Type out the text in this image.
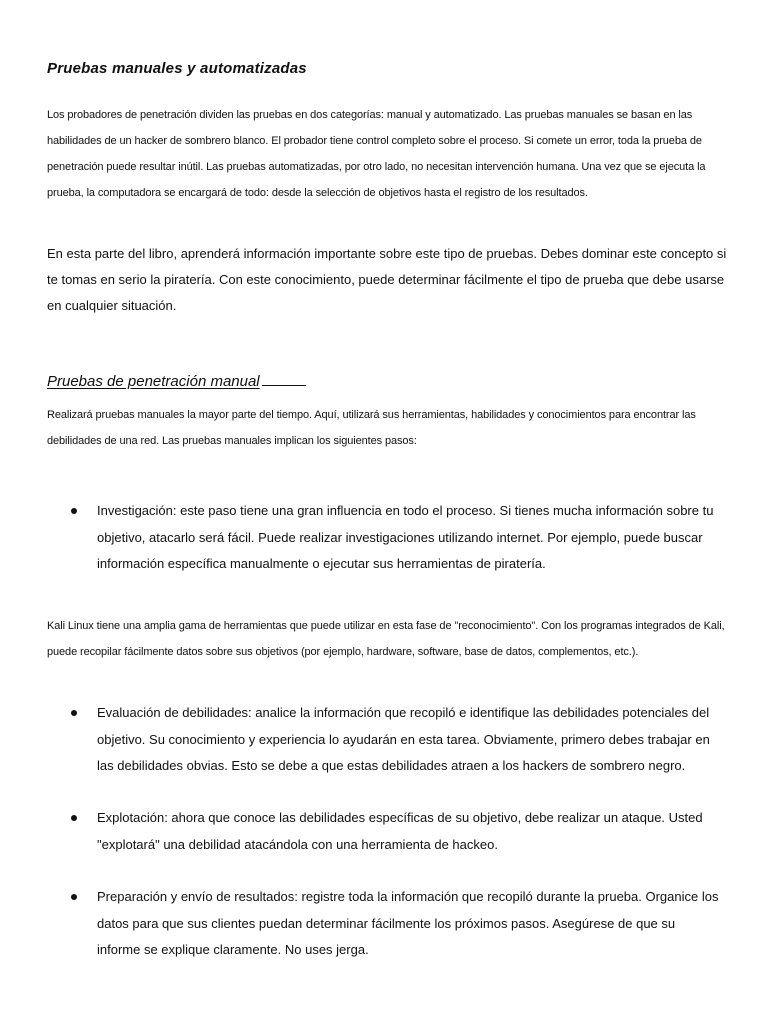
Pruebas manuales y automatizadas
Los probadores de penetración dividen las pruebas en dos categorías: manual y automatizado. Las pruebas manuales se basan en las habilidades de un hacker de sombrero blanco. El probador tiene control completo sobre el proceso. Si comete un error, toda la prueba de penetración puede resultar inútil. Las pruebas automatizadas, por otro lado, no necesitan intervención humana. Una vez que se ejecuta la prueba, la computadora se encargará de todo: desde la selección de objetivos hasta el registro de los resultados.
En esta parte del libro, aprenderá información importante sobre este tipo de pruebas. Debes dominar este concepto si te tomas en serio la piratería. Con este conocimiento, puede determinar fácilmente el tipo de prueba que debe usarse en cualquier situación.
Pruebas de penetración manual
Realizará pruebas manuales la mayor parte del tiempo. Aquí, utilizará sus herramientas, habilidades y conocimientos para encontrar las debilidades de una red. Las pruebas manuales implican los siguientes pasos:
Investigación: este paso tiene una gran influencia en todo el proceso. Si tienes mucha información sobre tu objetivo, atacarlo será fácil. Puede realizar investigaciones utilizando internet. Por ejemplo, puede buscar información específica manualmente o ejecutar sus herramientas de piratería.
Kali Linux tiene una amplia gama de herramientas que puede utilizar en esta fase de "reconocimiento". Con los programas integrados de Kali, puede recopilar fácilmente datos sobre sus objetivos (por ejemplo, hardware, software, base de datos, complementos, etc.).
Evaluación de debilidades: analice la información que recopiló e identifique las debilidades potenciales del objetivo. Su conocimiento y experiencia lo ayudarán en esta tarea. Obviamente, primero debes trabajar en las debilidades obvias. Esto se debe a que estas debilidades atraen a los hackers de sombrero negro.
Explotación: ahora que conoce las debilidades específicas de su objetivo, debe realizar un ataque. Usted "explotará" una debilidad atacándola con una herramienta de hackeo.
Preparación y envío de resultados: registre toda la información que recopiló durante la prueba. Organice los datos para que sus clientes puedan determinar fácilmente los próximos pasos. Asegúrese de que su informe se explique claramente. No uses jerga.
